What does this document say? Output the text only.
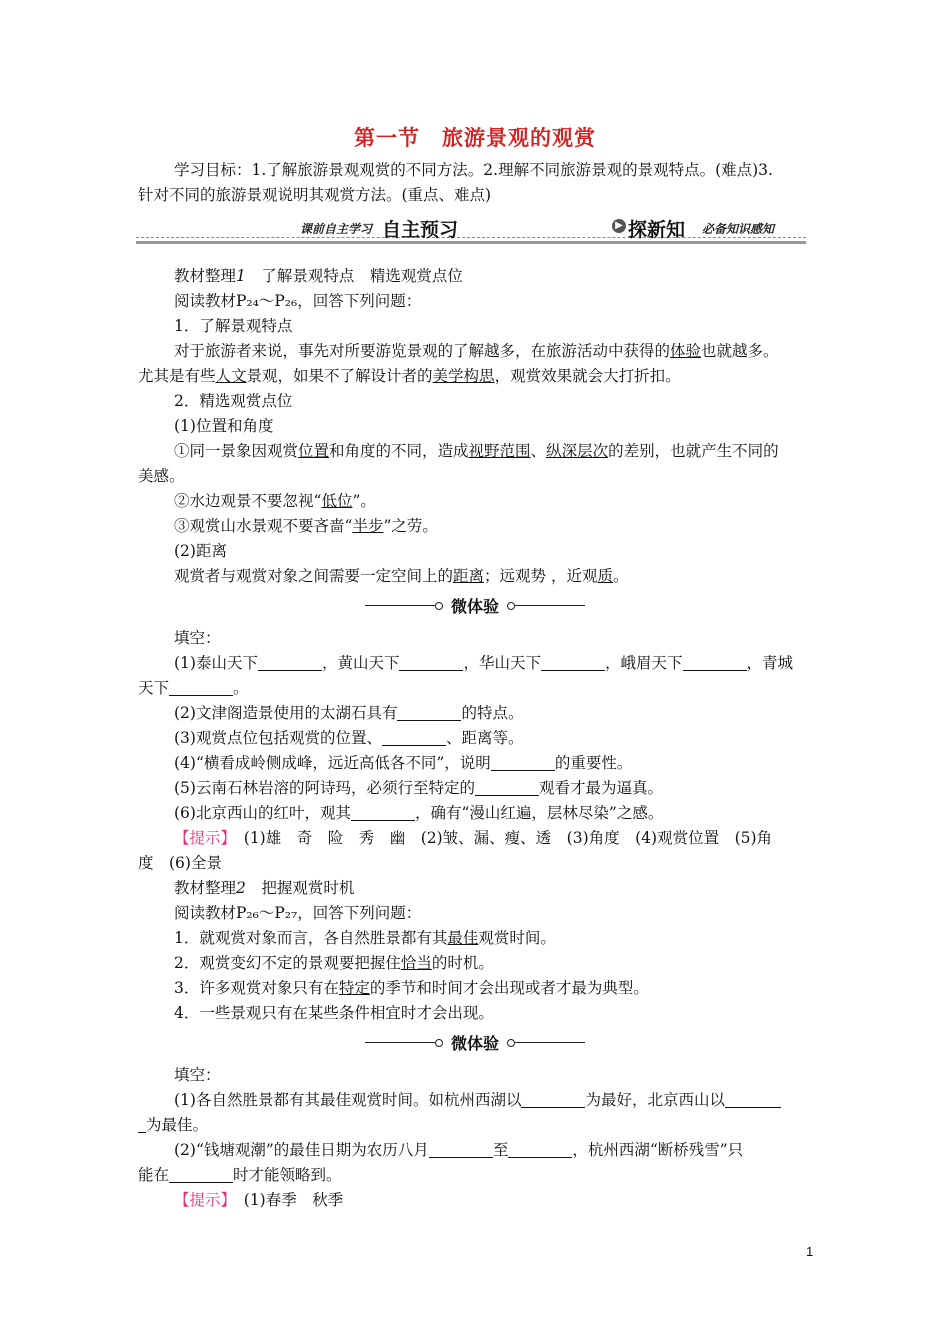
第一节　旅游景观的观赏
学习目标：1.了解旅游景观观赏的不同方法。2.理解不同旅游景观的景观特点。(难点)3.
针对不同的旅游景观说明其观赏方法。(重点、难点)
课前自主学习 自主预习	▶ 探新知 必备知识感知
教材整理1　了解景观特点　精选观赏点位
阅读教材P₂₄～P₂₆，回答下列问题：
1．了解景观特点
对于旅游者来说，事先对所要游览景观的了解越多，在旅游活动中获得的体验也就越多。
尤其是有些人文景观，如果不了解设计者的美学构思，观赏效果就会大打折扣。
2．精选观赏点位
(1)位置和角度
①同一景象因观赏位置和角度的不同，造成视野范围、纵深层次的差别，也就产生不同的
美感。
②水边观景不要忽视“低位”。
③观赏山水景观不要吝啬“半步”之劳。
(2)距离
观赏者与观赏对象之间需要一定空间上的距离；远观势 ，近观质。
微体验
填空：
(1)泰山天下	，黄山天下	，华山天下	，峨眉天下	，青城
天下	。
(2)文津阁造景使用的太湖石具有	的特点。
(3)观赏点位包括观赏的位置、	、距离等。
(4)“横看成岭侧成峰，远近高低各不同”，说明	的重要性。
(5)云南石林岩溶的阿诗玛，必须行至特定的	观看才最为逼真。
(6)北京西山的红叶，观其	，确有“漫山红遍，层林尽染”之感。
【提示】　(1)雄　奇　险　秀　幽　(2)皱、漏、瘦、透　(3)角度　(4)观赏位置　(5)角
度　(6)全景
教材整理2　把握观赏时机
阅读教材P₂₆～P₂₇，回答下列问题：
1．就观赏对象而言，各自然胜景都有其最佳观赏时间。
2．观赏变幻不定的景观要把握住恰当的时机。
3．许多观赏对象只有在特定的季节和时间才会出现或者才最为典型。
4．一些景观只有在某些条件相宜时才会出现。
微体验
填空：
(1)各自然胜景都有其最佳观赏时间。如杭州西湖以	为最好，北京西山以
为最佳。
(2)“钱塘观潮”的最佳日期为农历八月	至	，杭州西湖“断桥残雪”只
能在	时才能领略到。
【提示】　(1)春季　秋季
1
